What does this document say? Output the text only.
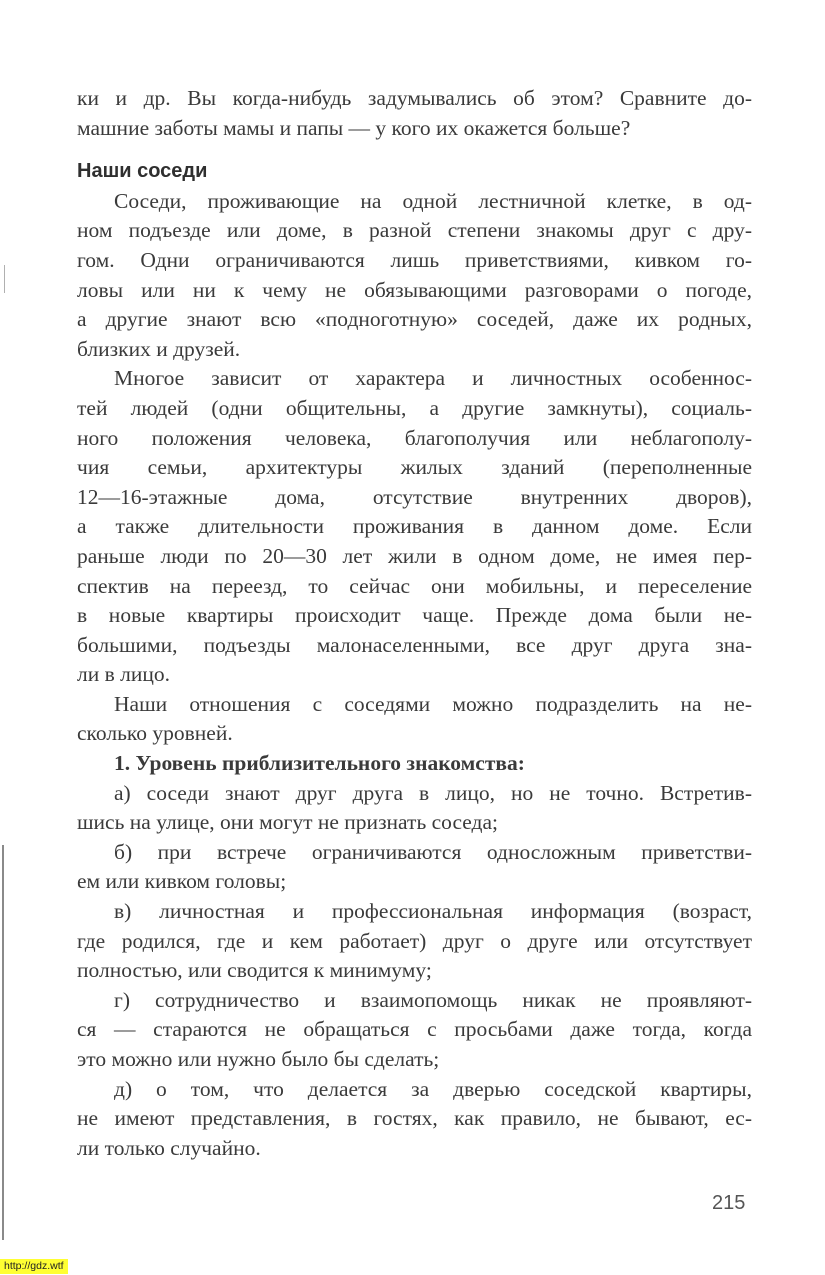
ки и др. Вы когда-нибудь задумывались об этом? Сравните до-
машние заботы мамы и папы — у кого их окажется больше?
Наши соседи
Соседи, проживающие на одной лестничной клетке, в од-
ном подъезде или доме, в разной степени знакомы друг с дру-
гом. Одни ограничиваются лишь приветствиями, кивком го-
ловы или ни к чему не обязывающими разговорами о погоде,
а другие знают всю «подноготную» соседей, даже их родных,
близких и друзей.
Многое зависит от характера и личностных особеннос-
тей людей (одни общительны, а другие замкнуты), социаль-
ного положения человека, благополучия или неблагополу-
чия семьи, архитектуры жилых зданий (переполненные
12—16-этажные дома, отсутствие внутренних дворов),
а также длительности проживания в данном доме. Если
раньше люди по 20—30 лет жили в одном доме, не имея пер-
спектив на переезд, то сейчас они мобильны, и переселение
в новые квартиры происходит чаще. Прежде дома были не-
большими, подъезды малонаселенными, все друг друга зна-
ли в лицо.
Наши отношения с соседями можно подразделить на не-
сколько уровней.
1. Уровень приблизительного знакомства:
а) соседи знают друг друга в лицо, но не точно. Встретив-
шись на улице, они могут не признать соседа;
б) при встрече ограничиваются односложным приветстви-
ем или кивком головы;
в) личностная и профессиональная информация (возраст,
где родился, где и кем работает) друг о друге или отсутствует
полностью, или сводится к минимуму;
г) сотрудничество и взаимопомощь никак не проявляют-
ся — стараются не обращаться с просьбами даже тогда, когда
это можно или нужно было бы сделать;
д) о том, что делается за дверью соседской квартиры,
не имеют представления, в гостях, как правило, не бывают, ес-
ли только случайно.
215
http://gdz.wtf
